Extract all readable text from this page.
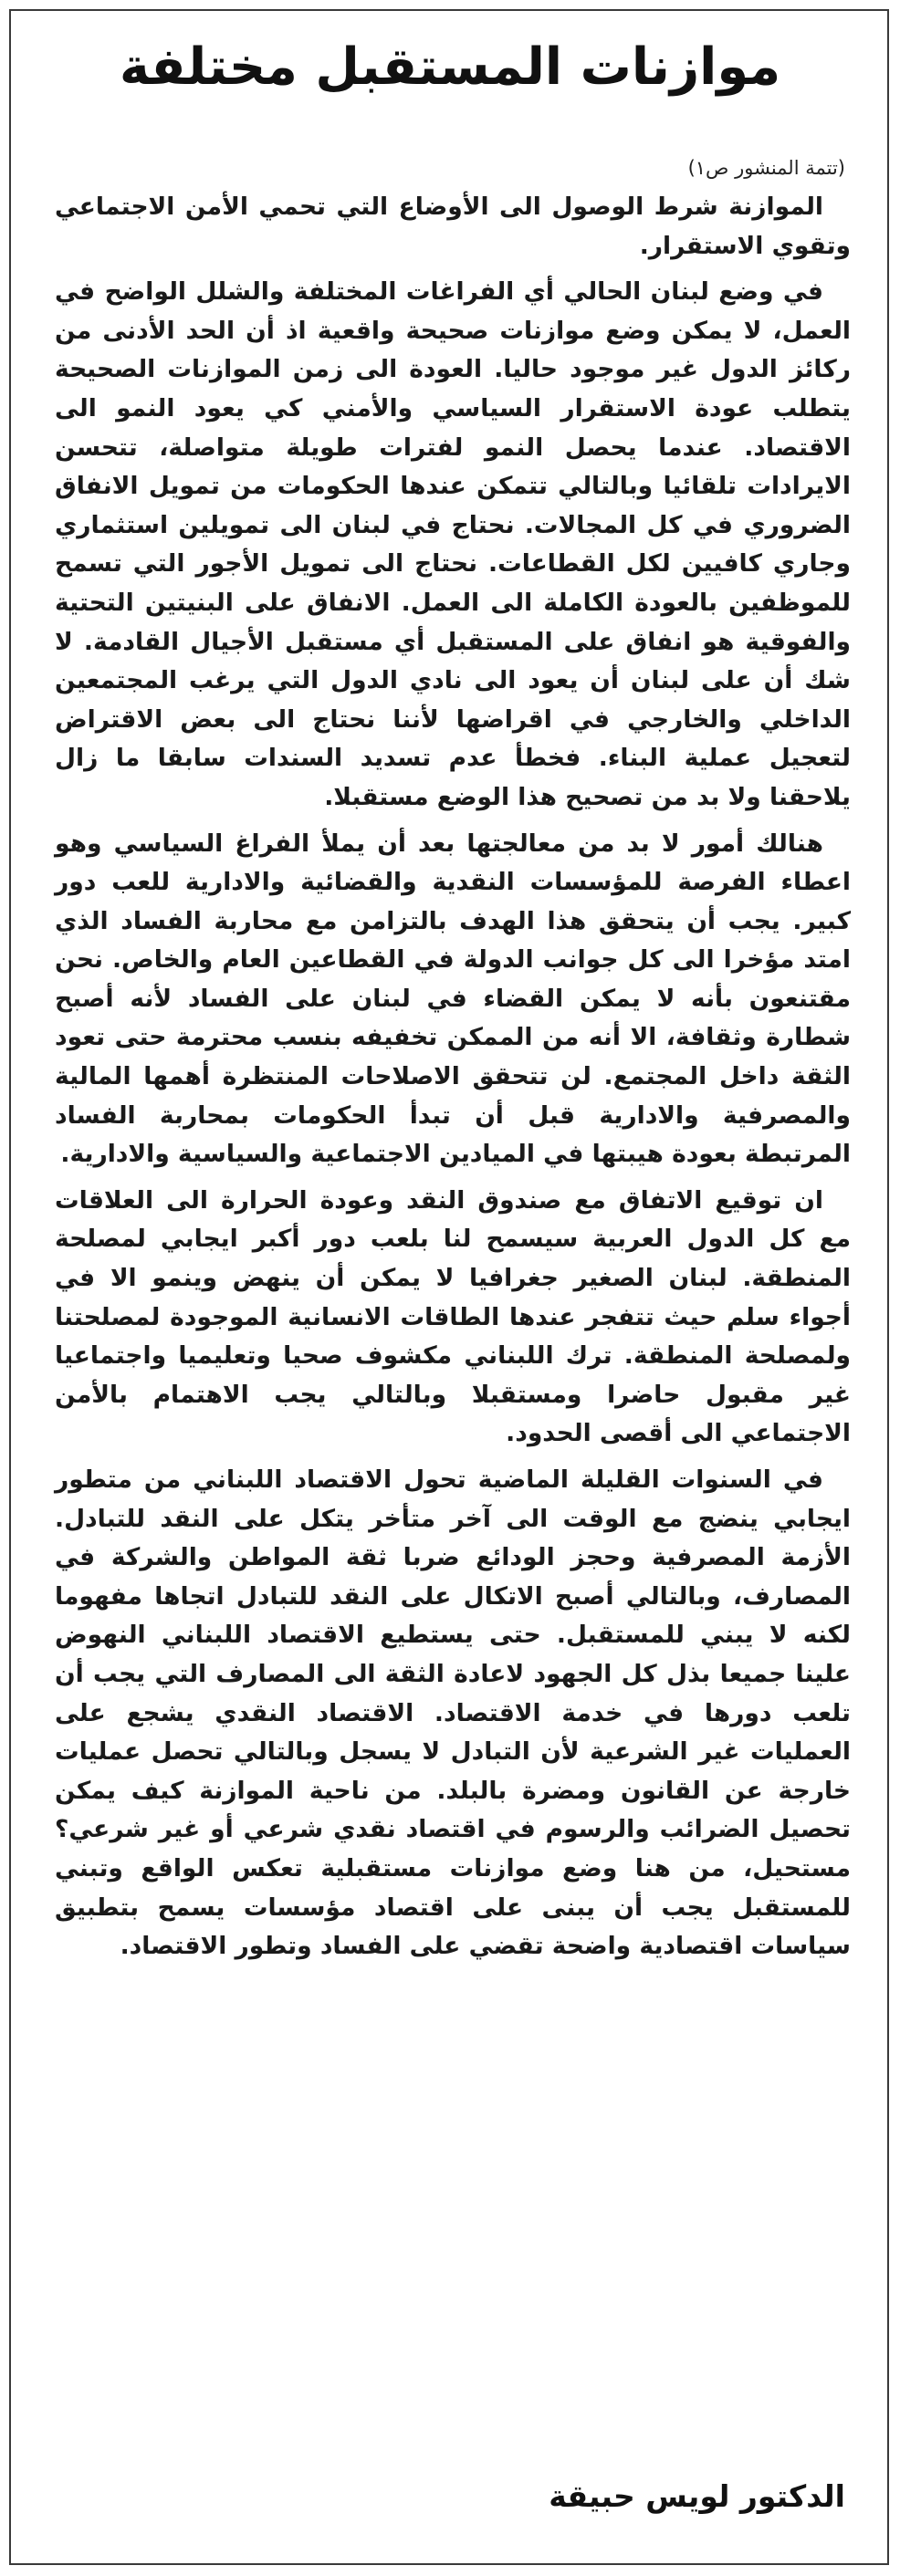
موازنات المستقبل مختلفة
(تتمة المنشور ص١)

الموازنة شرط الوصول الى الأوضاع التي تحمي الأمن الاجتماعي وتقوي الاستقرار.

في وضع لبنان الحالي أي الفراغات المختلفة والشلل الواضح في العمل، لا يمكن وضع موازنات صحيحة واقعية اذ أن الحد الأدنى من ركائز الدول غير موجود حاليا. العودة الى زمن الموازنات الصحيحة يتطلب عودة الاستقرار السياسي والأمني كي يعود النمو الى الاقتصاد. عندما يحصل النمو لفترات طويلة متواصلة، تتحسن الايرادات تلقائيا وبالتالي تتمكن عندها الحكومات من تمويل الانفاق الضروري في كل المجالات. نحتاج في لبنان الى تمويلين استثماري وجاري كافيين لكل القطاعات. نحتاج الى تمويل الأجور التي تسمح للموظفين بالعودة الكاملة الى العمل. الانفاق على البنيتين التحتية والفوقية هو انفاق على المستقبل أي مستقبل الأجيال القادمة. لا شك أن على لبنان أن يعود الى نادي الدول التي يرغب المجتمعين الداخلي والخارجي في اقراضها لأننا نحتاج الى بعض الاقتراض لتعجيل عملية البناء. فخطأ عدم تسديد السندات سابقا ما زال يلاحقنا ولا بد من تصحيح هذا الوضع مستقبلا.

هنالك أمور لا بد من معالجتها بعد أن يملأ الفراغ السياسي وهو اعطاء الفرصة للمؤسسات النقدية والقضائية والادارية للعب دور كبير. يجب أن يتحقق هذا الهدف بالتزامن مع محاربة الفساد الذي امتد مؤخرا الى كل جوانب الدولة في القطاعين العام والخاص. نحن مقتنعون بأنه لا يمكن القضاء في لبنان على الفساد لأنه أصبح شطارة وثقافة، الا أنه من الممكن تخفيفه بنسب محترمة حتى تعود الثقة داخل المجتمع. لن تتحقق الاصلاحات المنتظرة أهمها المالية والمصرفية والادارية قبل أن تبدأ الحكومات بمحاربة الفساد المرتبطة بعودة هيبتها في الميادين الاجتماعية والسياسية والادارية.

ان توقيع الاتفاق مع صندوق النقد وعودة الحرارة الى العلاقات مع كل الدول العربية سيسمح لنا بلعب دور أكبر ايجابي لمصلحة المنطقة. لبنان الصغير جغرافيا لا يمكن أن ينهض وينمو الا في أجواء سلم حيث تتفجر عندها الطاقات الانسانية الموجودة لمصلحتنا ولمصلحة المنطقة. ترك اللبناني مكشوف صحيا وتعليميا واجتماعيا غير مقبول حاضرا ومستقبلا وبالتالي يجب الاهتمام بالأمن الاجتماعي الى أقصى الحدود.

في السنوات القليلة الماضية تحول الاقتصاد اللبناني من متطور ايجابي ينضج مع الوقت الى آخر متأخر يتكل على النقد للتبادل. الأزمة المصرفية وحجز الودائع ضربا ثقة المواطن والشركة في المصارف، وبالتالي أصبح الاتكال على النقد للتبادل اتجاها مفهوما لكنه لا يبني للمستقبل. حتى يستطيع الاقتصاد اللبناني النهوض علينا جميعا بذل كل الجهود لاعادة الثقة الى المصارف التي يجب أن تلعب دورها في خدمة الاقتصاد. الاقتصاد النقدي يشجع على العمليات غير الشرعية لأن التبادل لا يسجل وبالتالي تحصل عمليات خارجة عن القانون ومضرة بالبلد. من ناحية الموازنة كيف يمكن تحصيل الضرائب والرسوم في اقتصاد نقدي شرعي أو غير شرعي؟ مستحيل، من هنا وضع موازنات مستقبلية تعكس الواقع وتبني للمستقبل يجب أن يبنى على اقتصاد مؤسسات يسمح بتطبيق سياسات اقتصادية واضحة تقضي على الفساد وتطور الاقتصاد.

الدكتور لويس حبيقة
